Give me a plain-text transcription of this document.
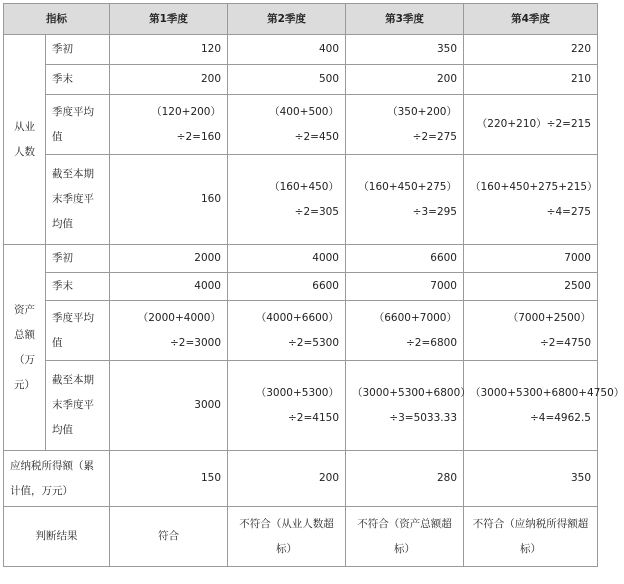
指标		第1季度	第2季度	第3季度	第4季度
从业人数	季初	120	400	350	220
	季末	200	500	200	210
	季度平均值	（120+200）÷2=160	（400+500）÷2=450	（350+200）÷2=275	（220+210）÷2=215
	截至本期末季度平均值	160	（160+450）÷2=305	（160+450+275）÷3=295	（160+450+275+215）÷4=275
资产总额（万元）	季初	2000	4000	6600	7000
	季末	4000	6600	7000	2500
	季度平均值	（2000+4000）÷2=3000	（4000+6600）÷2=5300	（6600+7000）÷2=6800	（7000+2500）÷2=4750
	截至本期末季度平均值	3000	（3000+5300）÷2=4150	（3000+5300+6800）÷3=5033.33	（3000+5300+6800+4750）÷4=4962.5
应纳税所得额（累计值，万元）		150	200	280	350
判断结果		符合	不符合（从业人数超标）	不符合（资产总额超标）	不符合（应纳税所得额超标）
